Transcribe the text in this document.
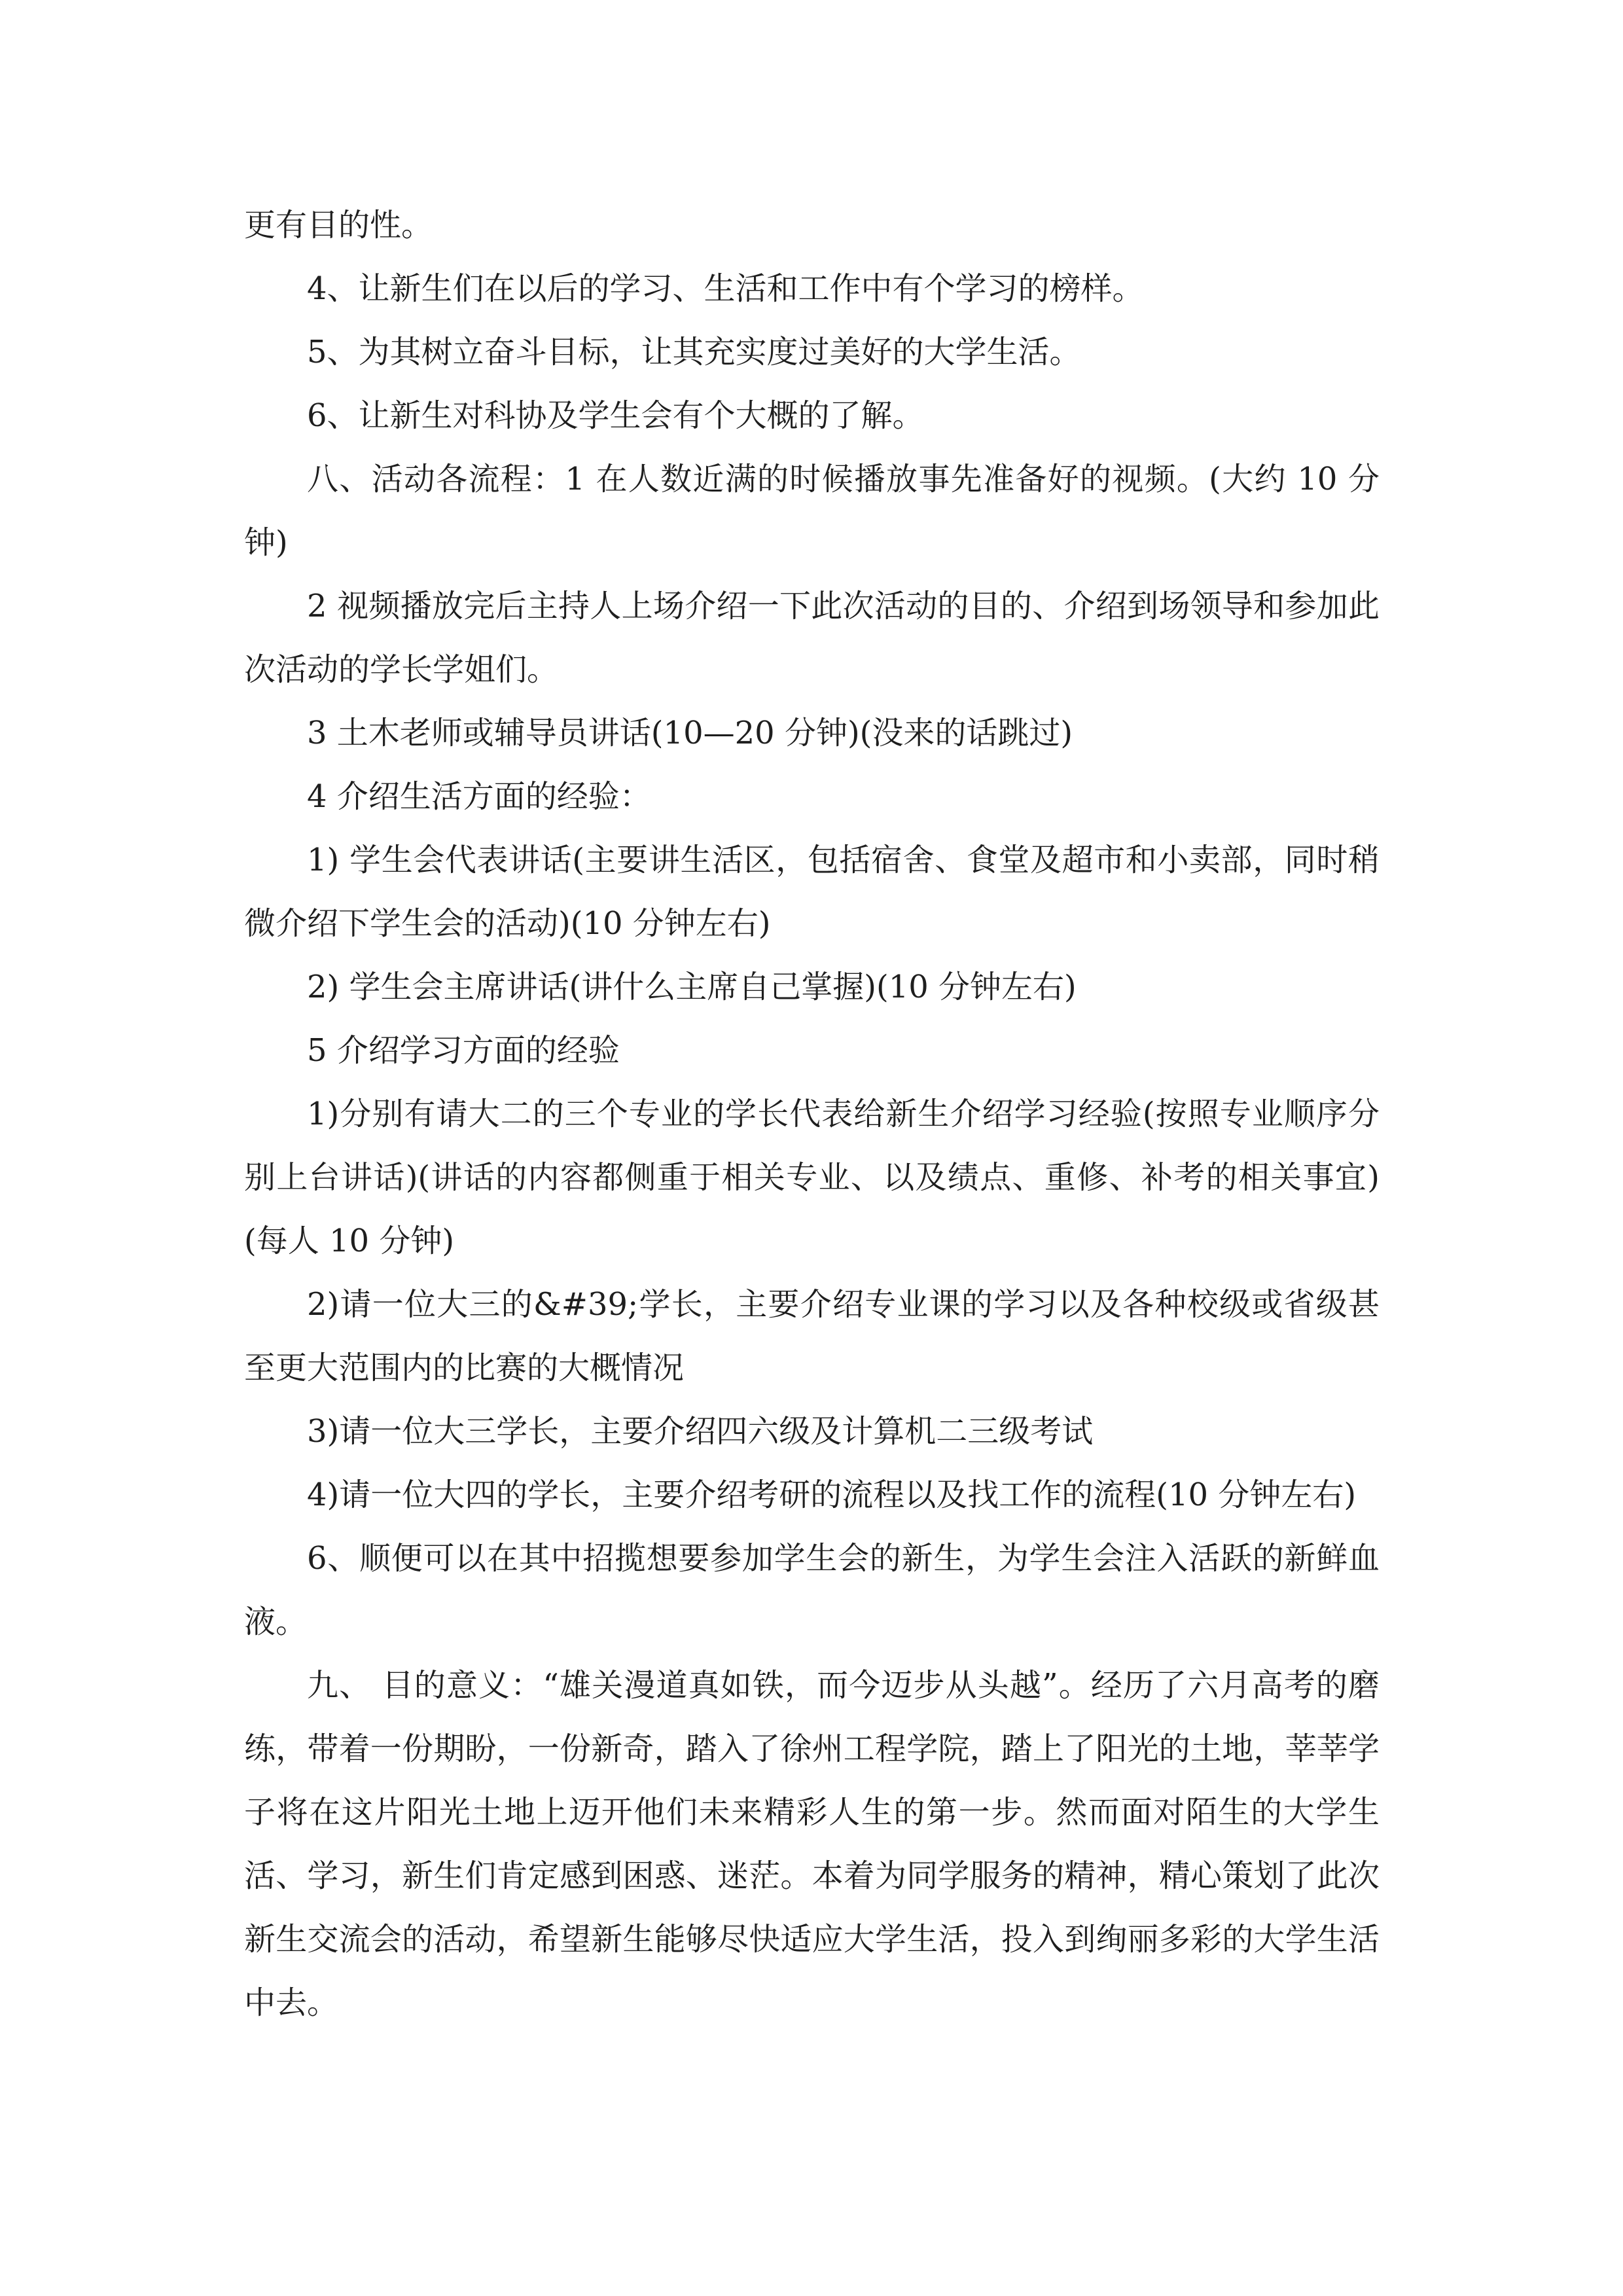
更有目的性。

4、让新生们在以后的学习、生活和工作中有个学习的榜样。

5、为其树立奋斗目标，让其充实度过美好的大学生活。

6、让新生对科协及学生会有个大概的了解。

八、活动各流程：1 在人数近满的时候播放事先准备好的视频。(大约 10 分钟)

2 视频播放完后主持人上场介绍一下此次活动的目的、介绍到场领导和参加此次活动的学长学姐们。

3 土木老师或辅导员讲话(10—20 分钟)(没来的话跳过)

4 介绍生活方面的经验：

1) 学生会代表讲话(主要讲生活区，包括宿舍、食堂及超市和小卖部，同时稍微介绍下学生会的活动)(10 分钟左右)

2) 学生会主席讲话(讲什么主席自己掌握)(10 分钟左右)

5 介绍学习方面的经验

1)分别有请大二的三个专业的学长代表给新生介绍学习经验(按照专业顺序分别上台讲话)(讲话的内容都侧重于相关专业、以及绩点、重修、补考的相关事宜)(每人 10 分钟)

2)请一位大三的&#39;学长，主要介绍专业课的学习以及各种校级或省级甚至更大范围内的比赛的大概情况

3)请一位大三学长，主要介绍四六级及计算机二三级考试

4)请一位大四的学长，主要介绍考研的流程以及找工作的流程(10 分钟左右)

6、顺便可以在其中招揽想要参加学生会的新生，为学生会注入活跃的新鲜血液。

九、 目的意义：“雄关漫道真如铁，而今迈步从头越”。经历了六月高考的磨练，带着一份期盼，一份新奇，踏入了徐州工程学院，踏上了阳光的土地，莘莘学子将在这片阳光土地上迈开他们未来精彩人生的第一步。然而面对陌生的大学生活、学习，新生们肯定感到困惑、迷茫。本着为同学服务的精神，精心策划了此次新生交流会的活动，希望新生能够尽快适应大学生活，投入到绚丽多彩的大学生活中去。
